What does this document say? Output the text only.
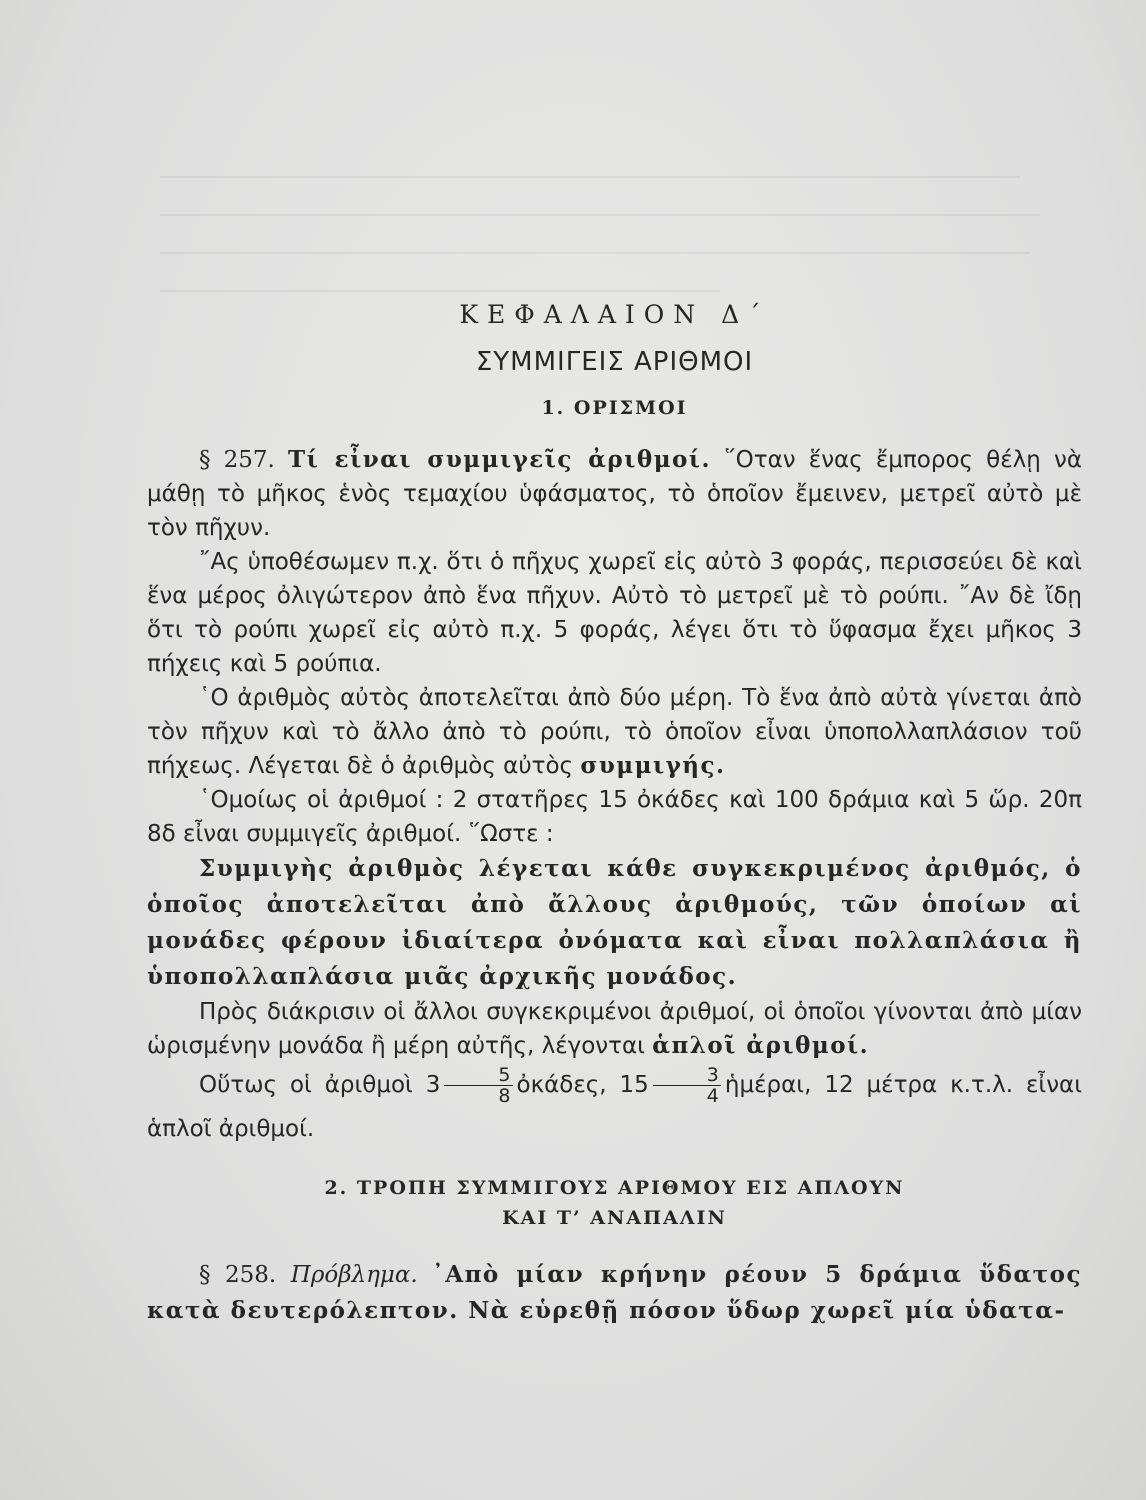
ΚΕΦΑΛΑΙΟΝ Δ΄
ΣΥΜΜΙΓΕΙΣ ΑΡΙΘΜΟΙ
1. ΟΡΙΣΜΟΙ

§ 257. Τί εἶναι συμμιγεῖς ἀριθμοί. ῞Οταν ἕνας ἔμπορος θέλῃ νὰ μάθῃ τὸ μῆκος ἑνὸς τεμαχίου ὑφάσματος, τὸ ὁποῖον ἔμεινεν, μετρεῖ αὐτὸ μὲ τὸν πῆχυν.

῎Ας ὑποθέσωμεν π.χ. ὅτι ὁ πῆχυς χωρεῖ εἰς αὐτὸ 3 φοράς, περισσεύει δὲ καὶ ἕνα μέρος ὀλιγώτερον ἀπὸ ἕνα πῆχυν. Αὐτὸ τὸ μετρεῖ μὲ τὸ ρούπι. ῎Αν δὲ ἴδῃ ὅτι τὸ ρούπι χωρεῖ εἰς αὐτὸ π.χ. 5 φοράς, λέγει ὅτι τὸ ὕφασμα ἔχει μῆκος 3 πήχεις καὶ 5 ρούπια.

῾Ο ἀριθμὸς αὐτὸς ἀποτελεῖται ἀπὸ δύο μέρη. Τὸ ἕνα ἀπὸ αὐτὰ γίνεται ἀπὸ τὸν πῆχυν καὶ τὸ ἄλλο ἀπὸ τὸ ρούπι, τὸ ὁποῖον εἶναι ὑποπολλαπλάσιον τοῦ πήχεως. Λέγεται δὲ ὁ ἀριθμὸς αὐτὸς συμμιγής.

῾Ομοίως οἱ ἀριθμοί : 2 στατῆρες 15 ὀκάδες καὶ 100 δράμια καὶ 5 ὥρ. 20π 8δ εἶναι συμμιγεῖς ἀριθμοί. ῞Ωστε :

Συμμιγὴς ἀριθμὸς λέγεται κάθε συγκεκριμένος ἀριθμός, ὁ ὁποῖος ἀποτελεῖται ἀπὸ ἄλλους ἀριθμούς, τῶν ὁποίων αἱ μονάδες φέρουν ἰδιαίτερα ὀνόματα καὶ εἶναι πολλαπλάσια ἢ ὑποπολλαπλάσια μιᾶς ἀρχικῆς μονάδος.

Πρὸς διάκρισιν οἱ ἄλλοι συγκεκριμένοι ἀριθμοί, οἱ ὁποῖοι γίνονται ἀπὸ μίαν ὡρισμένην μονάδα ἢ μέρη αὐτῆς, λέγονται ἁπλοῖ ἀριθμοί.

Οὕτως οἱ ἀριθμοὶ $3 \frac{5}{8}$ ὀκάδες, $15 \frac{3}{4}$ ἡμέραι, 12 μέτρα κ.τ.λ. εἶναι ἁπλοῖ ἀριθμοί.

2. ΤΡΟΠΗ ΣΥΜΜΙΓΟΥΣ ΑΡΙΘΜΟΥ ΕΙΣ ΑΠΛΟΥΝ
ΚΑΙ Τ’ ΑΝΑΠΑΛΙΝ

§ 258. Πρόβλημα. ᾿Απὸ μίαν κρήνην ρέουν 5 δράμια ὕδατος κατὰ δευτερόλεπτον. Νὰ εὑρεθῇ πόσον ὕδωρ χωρεῖ μία ὑδατα-
